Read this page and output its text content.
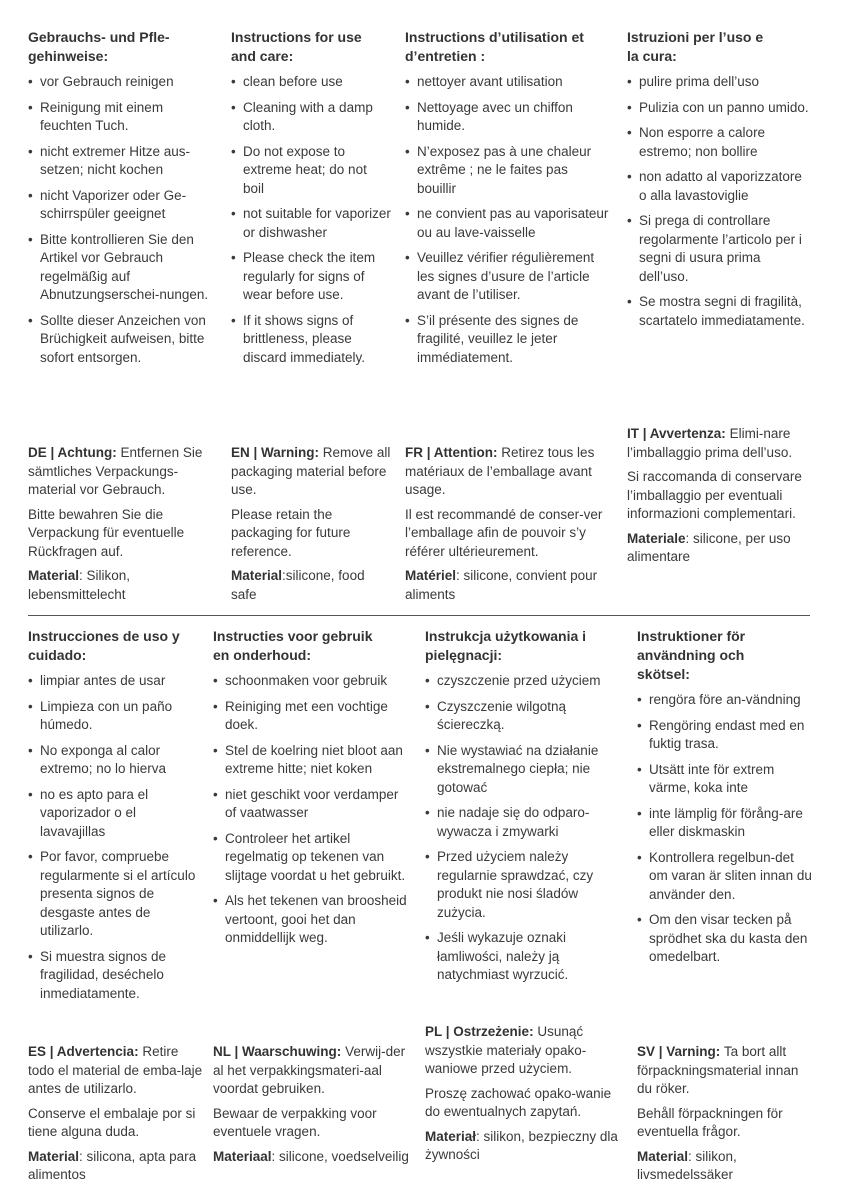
Gebrauchs- und Pfle-
gehinweise:
• vor Gebrauch reinigen
• Reinigung mit einem feuchten Tuch.
• nicht extremer Hitze aus-setzen; nicht kochen
• nicht Vaporizer oder Ge-schirrspüler geeignet
• Bitte kontrollieren Sie den Artikel vor Gebrauch regelmäßig auf Abnutzungserschei-nungen.
• Sollte dieser Anzeichen von Brüchigkeit aufweisen, bitte sofort entsorgen.

DE | Achtung: Entfernen Sie sämtliches Verpackungs-material vor Gebrauch.

Bitte bewahren Sie die Verpackung für eventuelle Rückfragen auf.

Material: Silikon, lebensmittelecht

Instructions for use
and care:
• clean before use
• Cleaning with a damp cloth.
• Do not expose to extreme heat; do not boil
• not suitable for vaporizer or dishwasher
• Please check the item regularly for signs of wear before use.
• If it shows signs of brittleness, please discard immediately.

EN | Warning: Remove all packaging material before use.

Please retain the packaging for future reference.

Material:silicone, food safe

Instructions d’utilisation et
d’entretien :
• nettoyer avant utilisation
• Nettoyage avec un chiffon humide.
• N’exposez pas à une chaleur extrême ; ne le faites pas bouillir
• ne convient pas au vaporisateur ou au lave-vaisselle
• Veuillez vérifier régulièrement les signes d’usure de l’article avant de l’utiliser.
• S’il présente des signes de fragilité, veuillez le jeter immédiatement.

FR | Attention: Retirez tous les matériaux de l’emballage avant usage.

Il est recommandé de conser-ver l’emballage afin de pouvoir s’y référer ultérieurement.

Matériel: silicone, convient pour aliments

Istruzioni per l’uso e
la cura:
• pulire prima dell’uso
• Pulizia con un panno umido.
• Non esporre a calore estremo; non bollire
• non adatto al vaporizzatore o alla lavastoviglie
• Si prega di controllare regolarmente l’articolo per i segni di usura prima dell’uso.
• Se mostra segni di fragilità, scartatelo immediatamente.

IT | Avvertenza: Elimi-nare l’imballaggio prima dell’uso.

Si raccomanda di conservare l’imballaggio per eventuali informazioni complementari.

Materiale: silicone, per uso alimentare

Instrucciones de uso y
cuidado:
• limpiar antes de usar
• Limpieza con un paño húmedo.
• No exponga al calor extremo; no lo hierva
• no es apto para el vaporizador o el lavavajillas
• Por favor, compruebe regularmente si el artículo presenta signos de desgaste antes de utilizarlo.
• Si muestra signos de fragilidad, deséchelo inmediatamente.

ES | Advertencia: Retire todo el material de emba-laje antes de utilizarlo.

Conserve el embalaje por si tiene alguna duda.

Material: silicona, apta para alimentos

Instructies voor gebruik
en onderhoud:
• schoonmaken voor gebruik
• Reiniging met een vochtige doek.
• Stel de koelring niet bloot aan extreme hitte; niet koken
• niet geschikt voor verdamper of vaatwasser
• Controleer het artikel regelmatig op tekenen van slijtage voordat u het gebruikt.
• Als het tekenen van broosheid vertoont, gooi het dan onmiddellijk weg.

NL | Waarschuwing: Verwij-der al het verpakkingsmateri-aal voordat gebruiken.

Bewaar de verpakking voor eventuele vragen.

Materiaal: silicone, voedselveilig

Instrukcja użytkowania i
pielęgnacji:
• czyszczenie przed użyciem
• Czyszczenie wilgotną ściereczką.
• Nie wystawiać na działanie ekstremalnego ciepła; nie gotować
• nie nadaje się do odparo-wywacza i zmywarki
• Przed użyciem należy regularnie sprawdzać, czy produkt nie nosi śladów zużycia.
• Jeśli wykazuje oznaki łamliwości, należy ją natychmiast wyrzucić.

PL | Ostrzeżenie: Usunąć wszystkie materiały opako-waniowe przed użyciem.

Proszę zachować opako-wanie do ewentualnych zapytań.

Materiał: silikon, bezpieczny dla żywności

Instruktioner för
användning och
skötsel:
• rengöra före an-vändning
• Rengöring endast med en fuktig trasa.
• Utsätt inte för extrem värme, koka inte
• inte lämplig för förång-are eller diskmaskin
• Kontrollera regelbun-det om varan är sliten innan du använder den.
• Om den visar tecken på sprödhet ska du kasta den omedelbart.

SV | Varning: Ta bort allt förpackningsmaterial innan du röker.

Behåll förpackningen för eventuella frågor.

Material: silikon, livsmedelssäker
